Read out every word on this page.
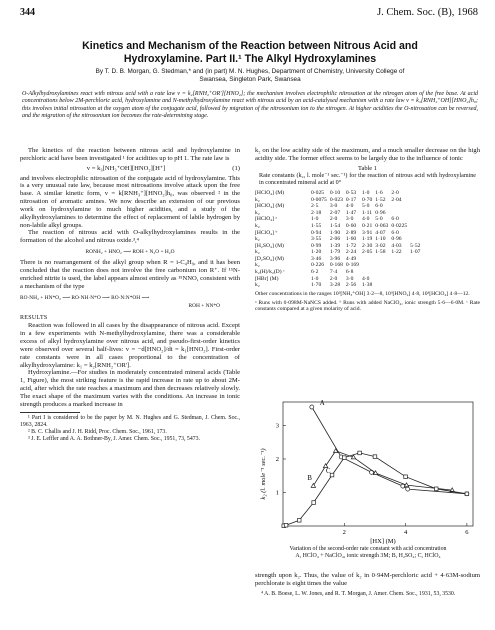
344	J. Chem. Soc. (B), 1968
Kinetics and Mechanism of the Reaction between Nitrous Acid and
Hydroxylamine. Part II.¹ The Alkyl Hydroxylamines
By T. D. B. Morgan, G. Stedman,* and (in part) M. N. Hughes, Department of Chemistry, University College of
Swansea, Singleton Park, Swansea
O-Alkylhydroxylamines react with nitrous acid with a rate law v = k₂[RNH₂⁺OR'][HNO₂]; the mechanism involves electrophilic nitrosation at the nitrogen atom of the free base. At acid concentrations below 2M-perchloric acid, hydroxylamine and N-methylhydroxylamine react with nitrous acid by an acid-catalysed mechanism with a rate law v = k₃[RNH₂⁺OH][HNO₂]h₀; this involves initial nitrosation at the oxygen atom of the conjugate acid, followed by migration of the nitrosonium ion to the nitrogen. At higher acidities the O-nitrosation can be reversed, and the migration of the nitrosonium ion becomes the rate-determining stage.

The kinetics of the reaction between nitrous acid and hydroxylamine in perchloric acid have been investigated ¹ for acidities up to pH 1. The rate law is

v = k₃[NH₃⁺OH][HNO₂][H⁺]	(1)

and involves electrophilic nitrosation of the conjugate acid of hydroxylamine. This is a very unusual rate law, because most nitrosations involve attack upon the free base. A similar kinetic form, v = k[RNH₃⁺][HNO₂]h₀, was observed ² in the nitrosation of aromatic amines. We now describe an extension of our previous work on hydroxylamine to much higher acidities, and a study of the alkylhydroxylamines to determine the effect of replacement of labile hydrogen by non-labile alkyl groups.

The reaction of nitrous acid with O-alkylhydroxylamines results in the formation of the alcohol and nitrous oxide.³,⁴

RONH₂ + HNO₂ ⟶ ROH + N₂O + H₂O

There is no rearrangement of the alkyl group when R = i-C₄H₉, and it has been concluded that the reaction does not involve the free carbonium ion R⁺. If ¹⁵N-enriched nitrite is used, the label appears almost entirely as ¹⁵NNO, consistent with a mechanism of the type

RO·NH₂ + HN*O₂ ⟶ RO·NH·N*O ⟶ RO·N:N*OH ⟶
ROH + NN*O
RESULTS

Reaction was followed in all cases by the disappearance of nitrous acid. Except in a few experiments with N-methylhydroxylamine, there was a considerable excess of alkyl hydroxylamine over nitrous acid, and pseudo-first-order kinetics were observed over several half-lives: v = −d[HNO₂]/dt = k₁[HNO₂]. First-order rate constants were in all cases proportional to the concentration of alkylhydroxylamine: k₁ = k₂[RNH₂⁺OR'].

Hydroxylamine.—For studies in moderately concentrated mineral acids (Table 1, Figure), the most striking feature is the rapid increase in rate up to about 2M-acid, after which the rate reaches a maximum and then decreases relatively slowly. The exact shape of the maximum varies with the conditions. An increase in ionic strength produces a marked increase in

¹ Part I is considered to be the paper by M. N. Hughes and G. Stedman, J. Chem. Soc., 1963, 2824.

² B. C. Challis and J. H. Ridd, Proc. Chem. Soc., 1961, 173.

³ J. E. Leffler and A. A. Bothner-By, J. Amer. Chem. Soc., 1951, 73, 5473.

k₂ on the low acidity side of the maximum, and a much smaller decrease on the high acidity side. The former effect seems to be largely due to the influence of ionic

Table 1
Rate constants (k₂, l. mole⁻¹ sec.⁻¹) for the reaction of nitrous acid with hydroxylamine in concentrated mineral acid at 0°
[HClO₄] (M)	0·025	0·10	0·53	1·0	1·6	2·0	
k₂	0·0075	0·023	0·17	0·70	1·52	2·04	
[HClO₄] (M)	2·5	3·0	4·0	5·0	6·0		
k₂	2·18	2·07	1·47	1·11	0·96		
[HClO₄] ᵃ	1·0	2·0	3·0	4·0	5·0	6·0	
k₂	1·55	1·54	0·60	0·21	0·063	0·0225	
[HClO₄] ᵇ	0·94	1·90	2·89	3·91	4·07	6·0	
k₂	3·55	2·06	1·60	1·19	1·10	0·96	
[H₂SO₄] (M)	0·99	1·39	1·72	2·30	3·02	4·03	5·52
k₂	1·20	1·79	2·24	2·05	1·58	1·22	1·07
[D₂SO₄] (M)	3·46	3·96	4·49				
k₂	0·226	0·168	0·169				
k₂(H)/k₂(D) ᶜ	6·2	7·4	6·8				
[HBr] (M)	1·0	2·0	3·0	4·0			
k₂	1·70	3·28	2·56	1·38			
Other concentrations in the ranges 10³[NH₃⁺OH] 3·2—8, 10³[HNO₂] 4·8, 10³[HClO₄] 4·8—12.
ᵃ Runs with 0·098M-NaNCS added. ᵇ Runs with added NaClO₄, ionic strength 5·6—6·0M. ᶜ Rate constants compared at a given molarity of acid.
2	4	6
1
2
3
A
B
C
k₂ (l. mole⁻¹ sec.⁻¹)
[HX] (M)
Variation of the second-order rate constant with acid concentration
A, HClO₄ + NaClO₄, ionic strength 3M; B, H₂SO₄; C, HClO₄

strength upon k₂. Thus, the value of k₂ in 0·94M-perchloric acid + 4·63M-sodium perchlorate is eight times the value

⁴ A. B. Boese, L. W. Jones, and R. T. Morgan, J. Amer. Chem. Soc., 1931, 53, 3530.
